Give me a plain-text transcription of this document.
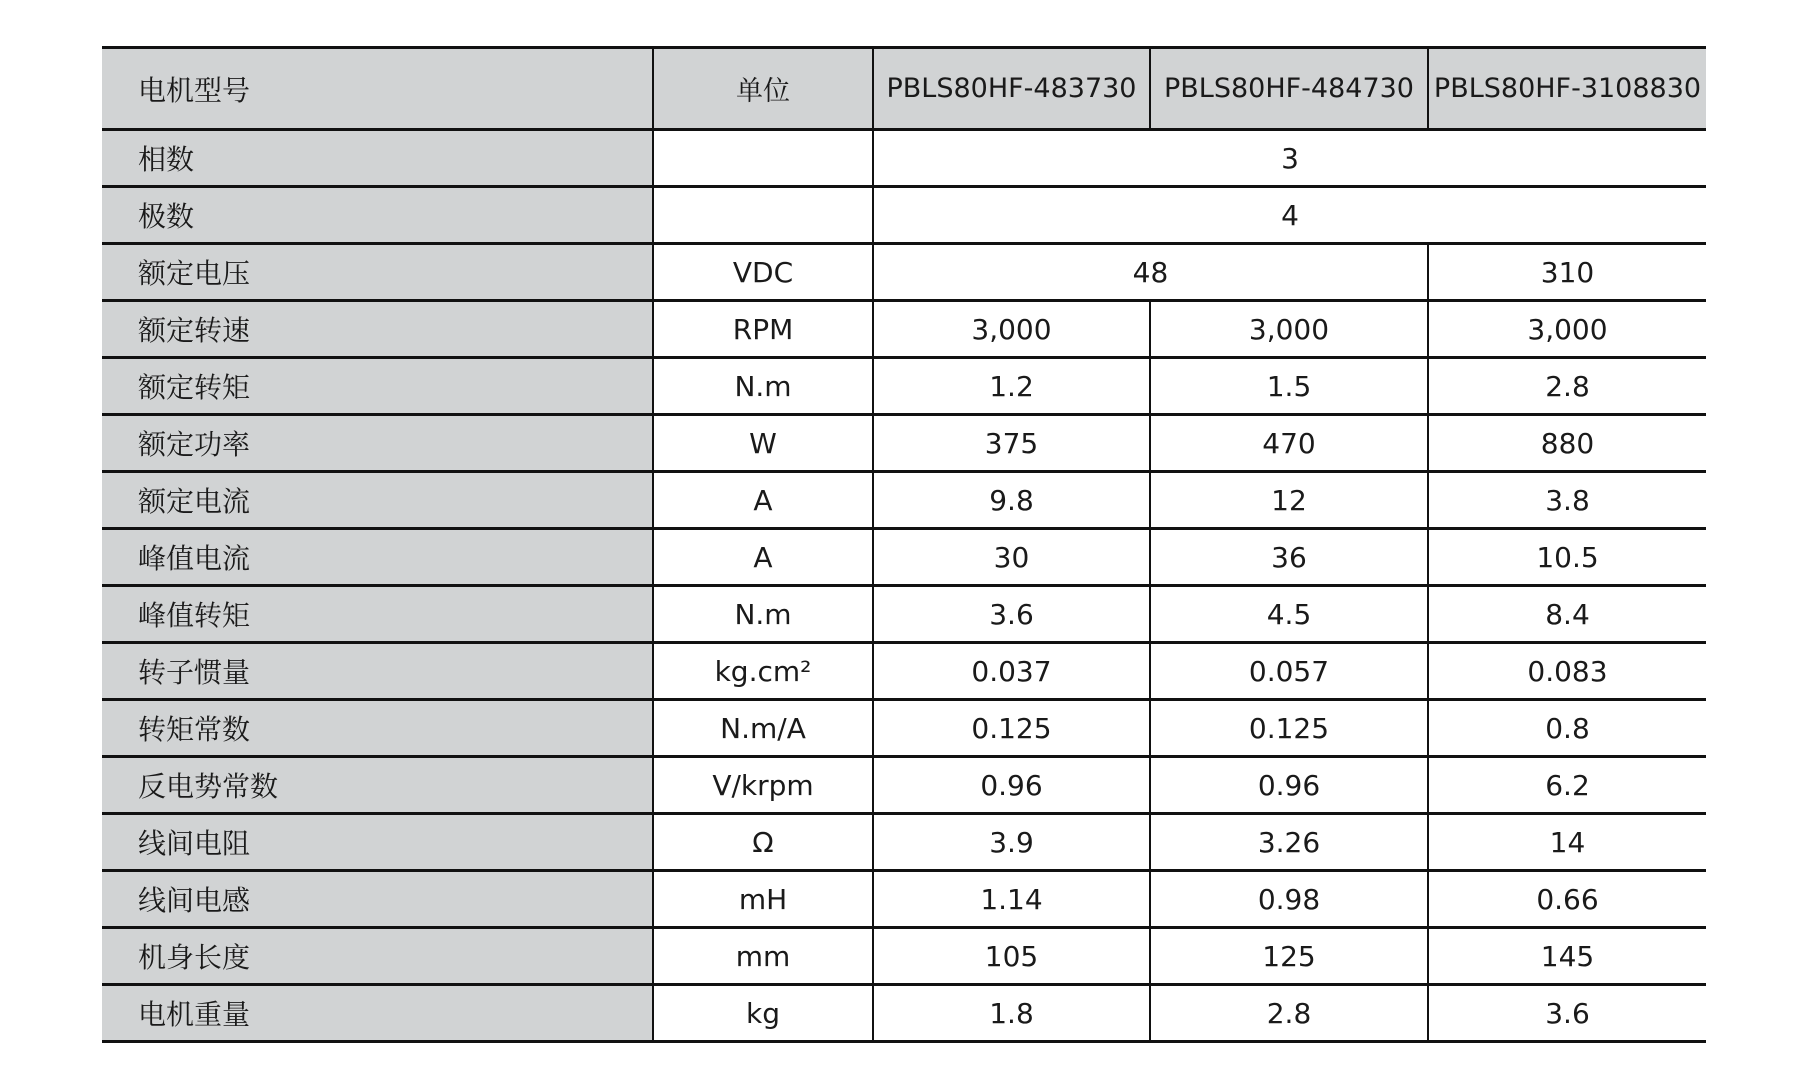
电机型号	单位	PBLS80HF-483730	PBLS80HF-484730	PBLS80HF-3108830
相数		3		
极数		4		
额定电压	VDC	48		310
额定转速	RPM	3,000	3,000	3,000
额定转矩	N.m	1.2	1.5	2.8
额定功率	W	375	470	880
额定电流	A	9.8	12	3.8
峰值电流	A	30	36	10.5
峰值转矩	N.m	3.6	4.5	8.4
转子惯量	kg.cm²	0.037	0.057	0.083
转矩常数	N.m/A	0.125	0.125	0.8
反电势常数	V/krpm	0.96	0.96	6.2
线间电阻	Ω	3.9	3.26	14
线间电感	mH	1.14	0.98	0.66
机身长度	mm	105	125	145
电机重量	kg	1.8	2.8	3.6
